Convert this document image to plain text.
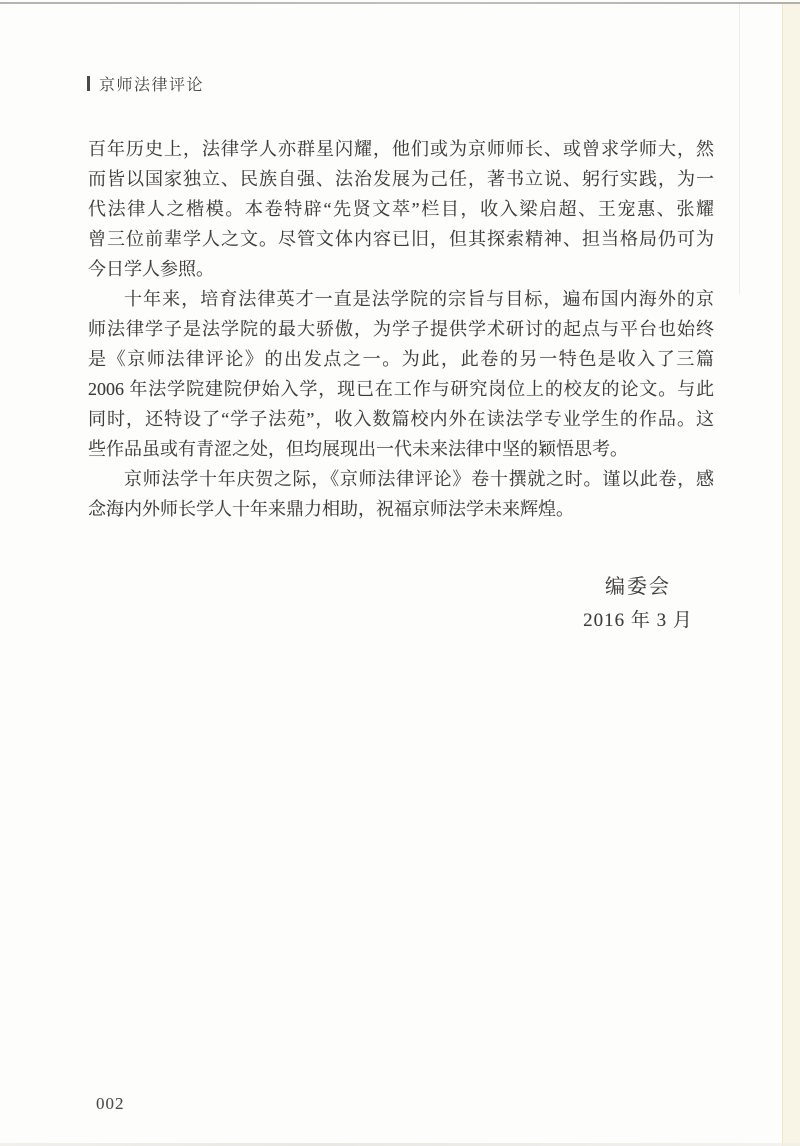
京师法律评论
百年历史上，法律学人亦群星闪耀，他们或为京师师长、或曾求学师大，然
而皆以国家独立、民族自强、法治发展为己任，著书立说、躬行实践，为一
代法律人之楷模。本卷特辟“先贤文萃”栏目，收入梁启超、王宠惠、张耀
曾三位前辈学人之文。尽管文体内容已旧，但其探索精神、担当格局仍可为
今日学人参照。
十年来，培育法律英才一直是法学院的宗旨与目标，遍布国内海外的京
师法律学子是法学院的最大骄傲，为学子提供学术研讨的起点与平台也始终
是《京师法律评论》的出发点之一。为此，此卷的另一特色是收入了三篇
2006 年法学院建院伊始入学，现已在工作与研究岗位上的校友的论文。与此
同时，还特设了“学子法苑”，收入数篇校内外在读法学专业学生的作品。这
些作品虽或有青涩之处，但均展现出一代未来法律中坚的颖悟思考。
京师法学十年庆贺之际，《京师法律评论》卷十撰就之时。谨以此卷，感
念海内外师长学人十年来鼎力相助，祝福京师法学未来辉煌。
编委会
2016 年 3 月
002
